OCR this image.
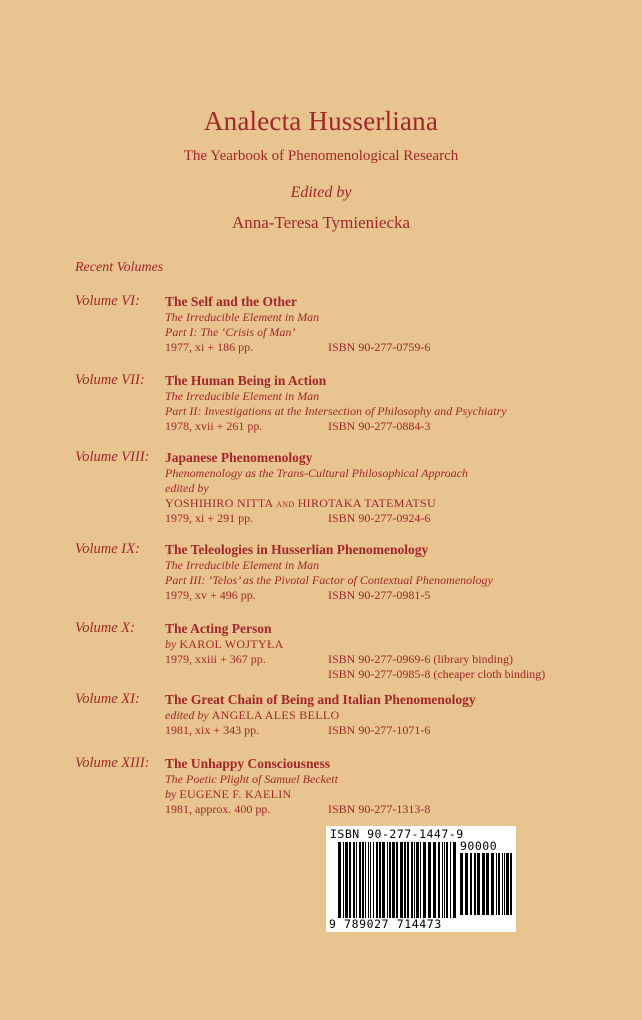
Analecta Husserliana
The Yearbook of Phenomenological Research
Edited by
Anna-Teresa Tymieniecka
Recent Volumes
Volume VI: The Self and the Other
The Irreducible Element in Man
Part I: The ‘Crisis of Man’
1977, xi + 186 pp.	ISBN 90-277-0759-6
Volume VII: The Human Being in Action
The Irreducible Element in Man
Part II: Investigations at the Intersection of Philosophy and Psychiatry
1978, xvii + 261 pp.	ISBN 90-277-0884-3
Volume VIII: Japanese Phenomenology
Phenomenology as the Trans-Cultural Philosophical Approach
edited by
YOSHIHIRO NITTA and HIROTAKA TATEMATSU
1979, xi + 291 pp.	ISBN 90-277-0924-6
Volume IX: The Teleologies in Husserlian Phenomenology
The Irreducible Element in Man
Part III: ‘Telos’ as the Pivotal Factor of Contextual Phenomenology
1979, xv + 496 pp.	ISBN 90-277-0981-5
Volume X: The Acting Person
by KAROL WOJTYŁA
1979, xxiii + 367 pp.	ISBN 90-277-0969-6 (library binding)
ISBN 90-277-0985-8 (cheaper cloth binding)
Volume XI: The Great Chain of Being and Italian Phenomenology
edited by ANGELA ALES BELLO
1981, xix + 343 pp.	ISBN 90-277-1071-6
Volume XIII: The Unhappy Consciousness
The Poetic Plight of Samuel Beckett
by EUGENE F. KAELIN
1981, approx. 400 pp.	ISBN 90-277-1313-8
ISBN 90-277-1447-9
90000
9 789027 714473
